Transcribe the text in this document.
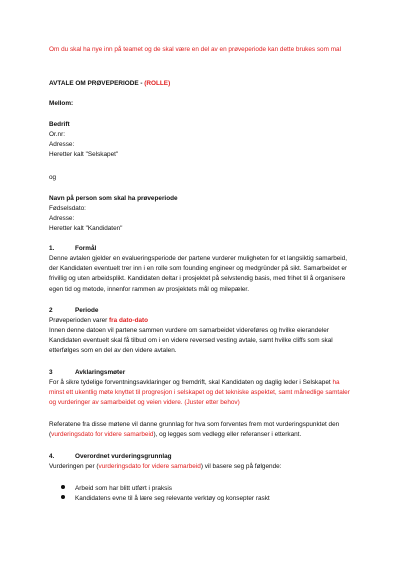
Om du skal ha nye inn på teamet og de skal være en del av en prøveperiode kan dette brukes som mal
AVTALE OM PRØVEPERIODE - (ROLLE)
Mellom:
Bedrift
Or.nr:
Adresse:
Heretter kalt "Selskapet"
og
Navn på person som skal ha prøveperiode
Fødselsdato:
Adresse:
Heretter kalt "Kandidaten"
1.	Formål
Denne avtalen gjelder en evalueringsperiode der partene vurderer muligheten for et langsiktig samarbeid, der Kandidaten eventuelt trer inn i en rolle som founding engineer og medgründer på sikt. Samarbeidet er frivillig og uten arbeidsplikt. Kandidaten deltar i prosjektet på selvstendig basis, med frihet til å organisere egen tid og metode, innenfor rammen av prosjektets mål og milepæler.
2	Periode
Prøveperioden varer fra dato-dato
Innen denne datoen vil partene sammen vurdere om samarbeidet videreføres og hvilke eierandeler Kandidaten eventuelt skal få tilbud om i en videre reversed vesting avtale, samt hvilke cliffs som skal etterfølges som en del av den videre avtalen.
3	Avklaringsmøter
For å sikre tydelige forventningsavklaringer og fremdrift, skal Kandidaten og daglig leder i Selskapet ha minst ett ukentlig møte knyttet til progresjon i selskapet og det tekniske aspektet, samt månedlige samtaler og vurderinger av samarbeidet og veien videre. (Juster etter behov)
Referatene fra disse møtene vil danne grunnlag for hva som forventes frem mot vurderingspunktet den (vurderingsdato for videre samarbeid), og legges som vedlegg eller referanser i etterkant.
4.	Overordnet vurderingsgrunnlag
Vurderingen per (vurderingsdato for videre samarbeid) vil basere seg på følgende:
Arbeid som har blitt utført i praksis
Kandidatens evne til å lære seg relevante verktøy og konsepter raskt
